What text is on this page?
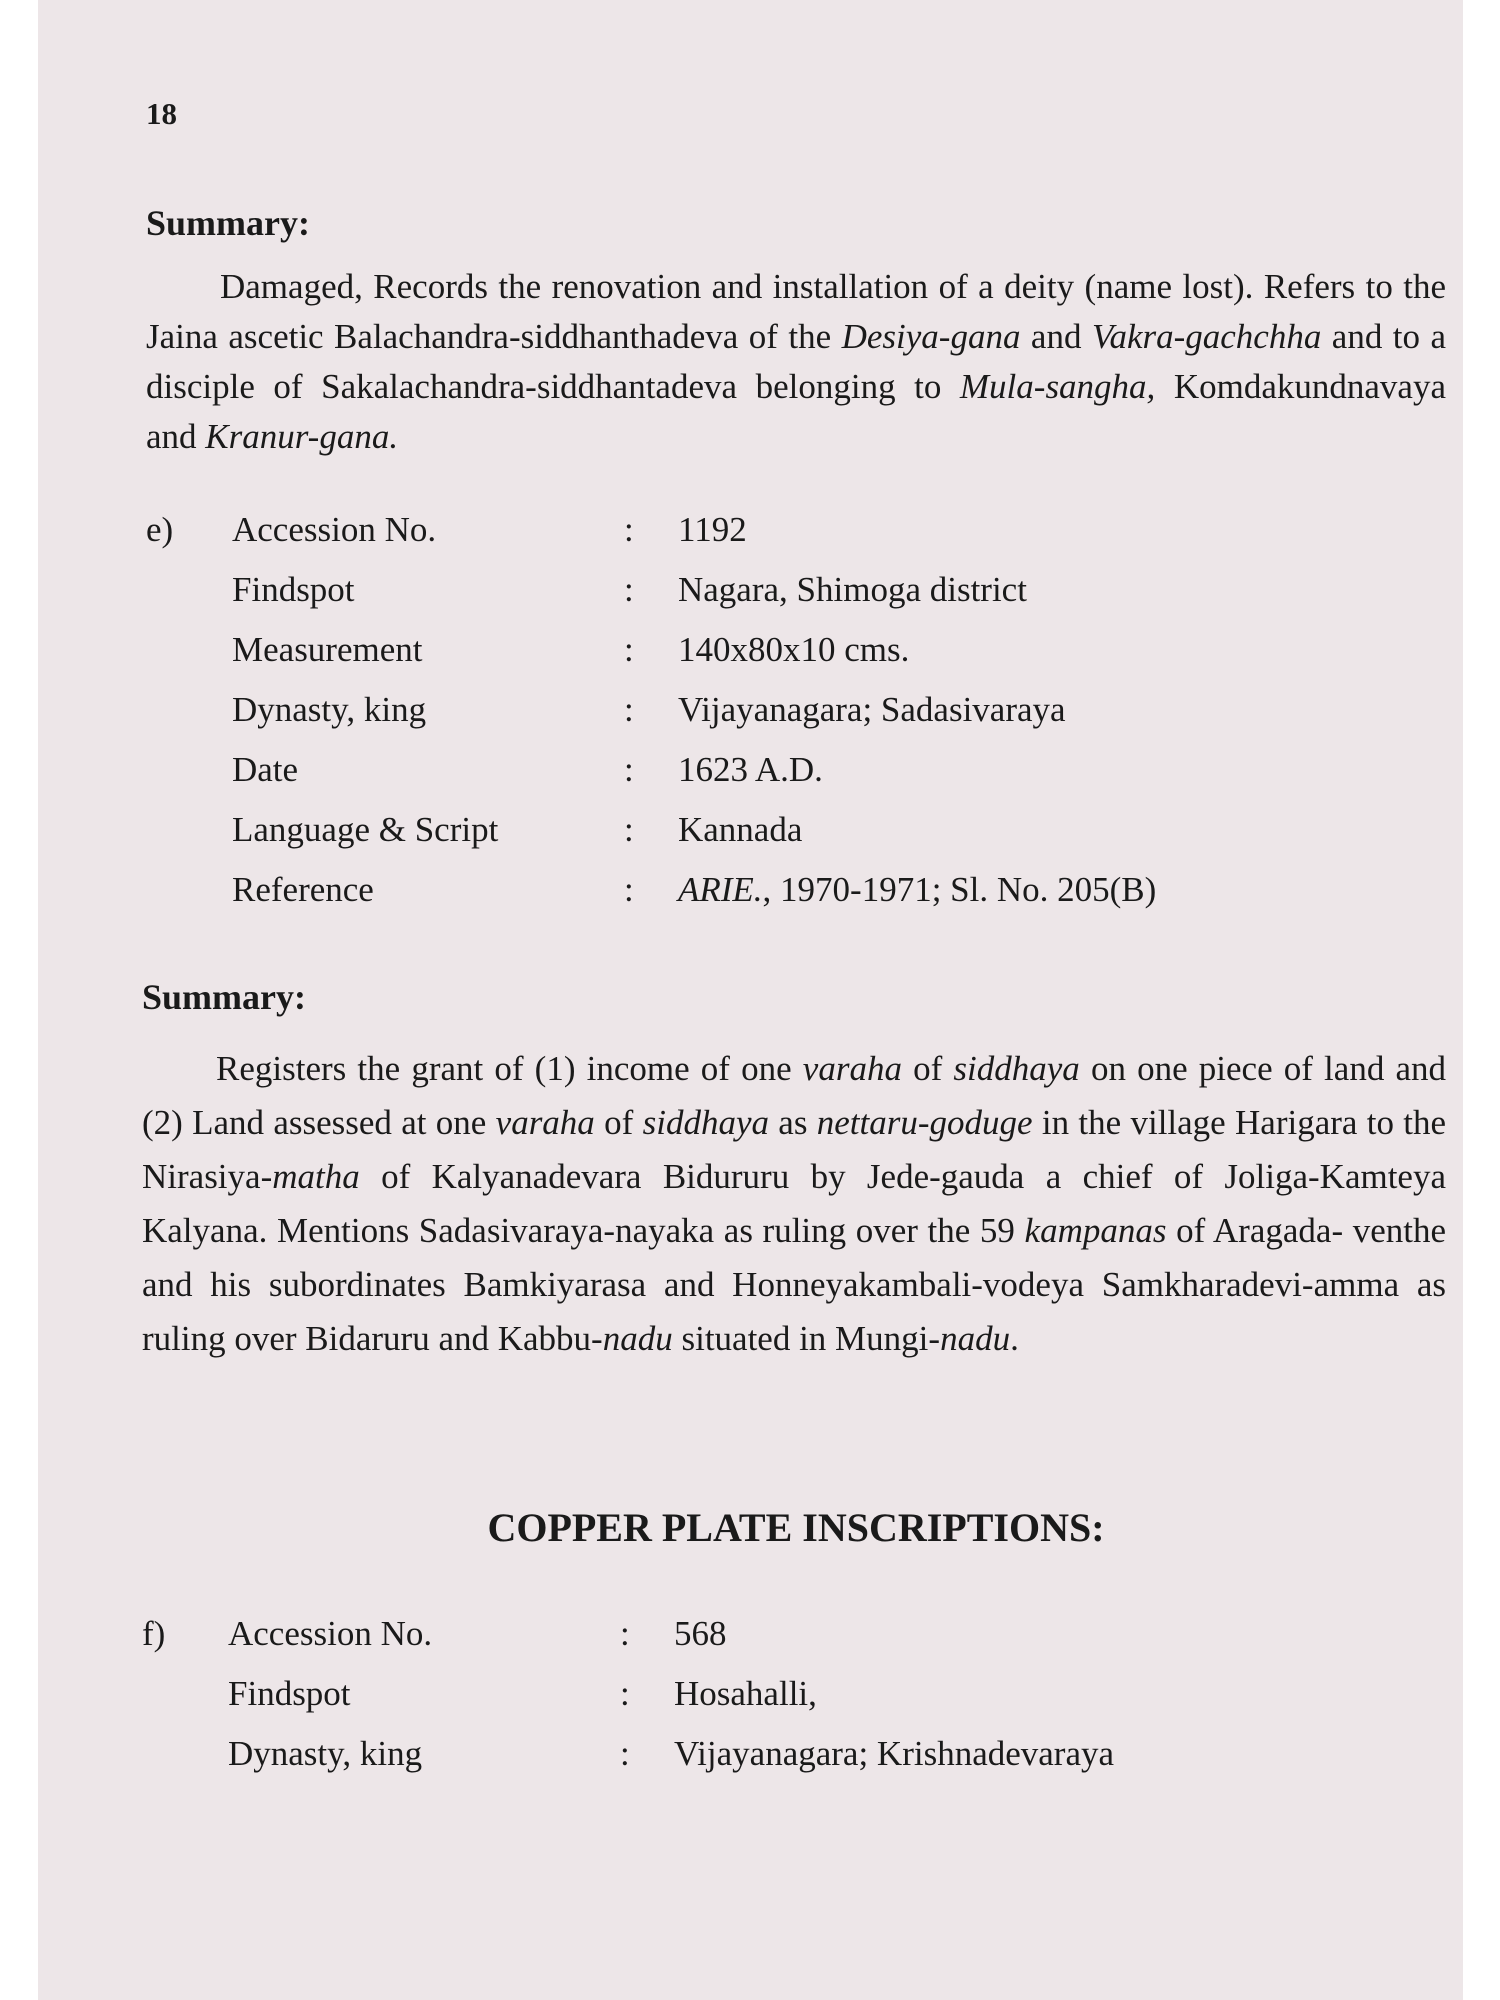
18
Summary:

Damaged, Records the renovation and installation of a deity (name lost). Refers to the Jaina ascetic Balachandra-siddhanthadeva of the Desiya-gana and Vakra-gachchha and to a disciple of Sakalachandra-siddhantadeva belonging to Mula-sangha, Komdakundnavaya and Kranur-gana.

e) Accession No.	: 1192
Findspot	: Nagara, Shimoga district
Measurement	: 140x80x10 cms.
Dynasty, king	: Vijayanagara; Sadasivaraya
Date	: 1623 A.D.
Language & Script	: Kannada
Reference	: ARIE., 1970-1971; Sl. No. 205(B)
Summary:

Registers the grant of (1) income of one varaha of siddhaya on one piece of land and (2) Land assessed at one varaha of siddhaya as nettaru-goduge in the village Harigara to the Nirasiya-matha of Kalyanadevara Bidururu by Jede-gauda a chief of Joliga-Kamteya Kalyana. Mentions Sadasivaraya-nayaka as ruling over the 59 kampanas of Aragada- venthe and his subordinates Bamkiyarasa and Honneyakambali-vodeya Samkharadevi-amma as ruling over Bidaruru and Kabbu-nadu situated in Mungi-nadu.

COPPER PLATE INSCRIPTIONS:
f) Accession No.	: 568
Findspot	: Hosahalli,
Dynasty, king	: Vijayanagara; Krishnadevaraya
